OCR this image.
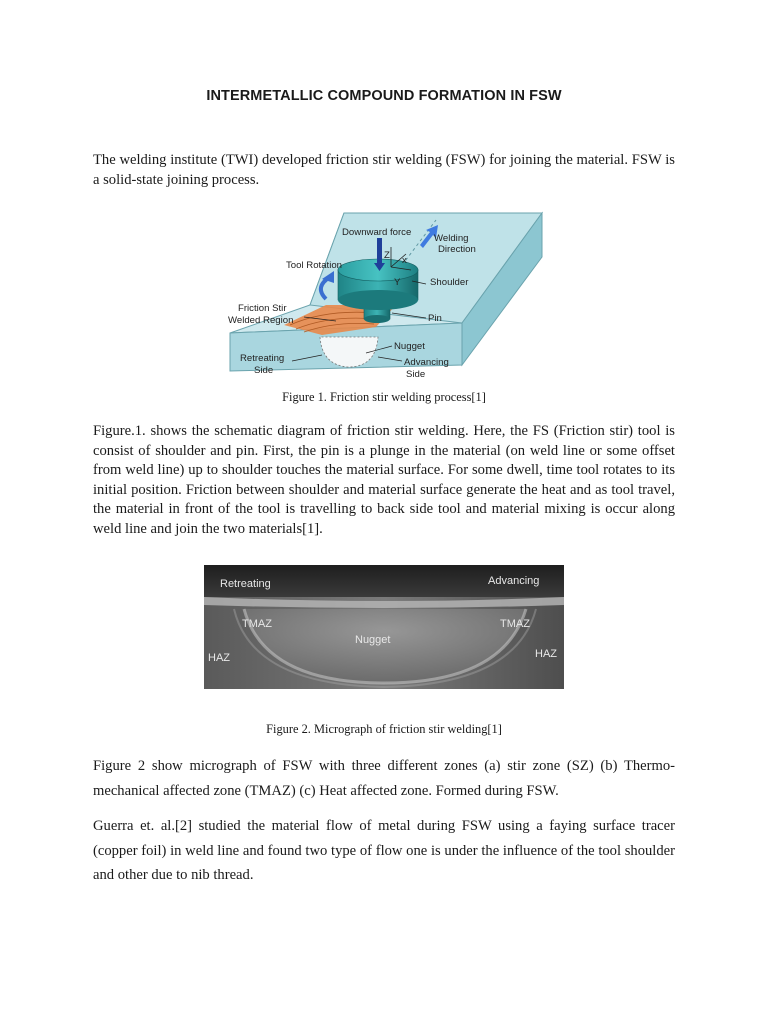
INTERMETALLIC COMPOUND FORMATION IN FSW

The welding institute (TWI) developed friction stir welding (FSW) for joining the material. FSW is a solid-state joining process.

Downward force
Welding
Direction
Z x
Y
Tool Rotation
Shoulder
Friction Stir
Welded Region	Pin
Nugget
Retreating
Side
Advancing
Side
Figure 1. Friction stir welding process[1]

Figure.1. shows the schematic diagram of friction stir welding. Here, the FS (Friction stir) tool is consist of shoulder and pin. First, the pin is a plunge in the material (on weld line or some offset from weld line) up to shoulder touches the material surface. For some dwell, time tool rotates to its initial position. Friction between shoulder and material surface generate the heat and as tool travel, the material in front of the tool is travelling to back side tool and material mixing is occur along weld line and join the two materials[1].

Retreating	Advancing
TMAZ	TMAZ
Nugget
HAZ	HAZ
Figure 2. Micrograph of friction stir welding[1]

Figure 2 show micrograph of FSW with three different zones (a) stir zone (SZ) (b) Thermo-mechanical affected zone (TMAZ) (c) Heat affected zone. Formed during FSW.

Guerra et. al.[2] studied the material flow of metal during FSW using a faying surface tracer (copper foil) in weld line and found two type of flow one is under the influence of the tool shoulder and other due to nib thread.
